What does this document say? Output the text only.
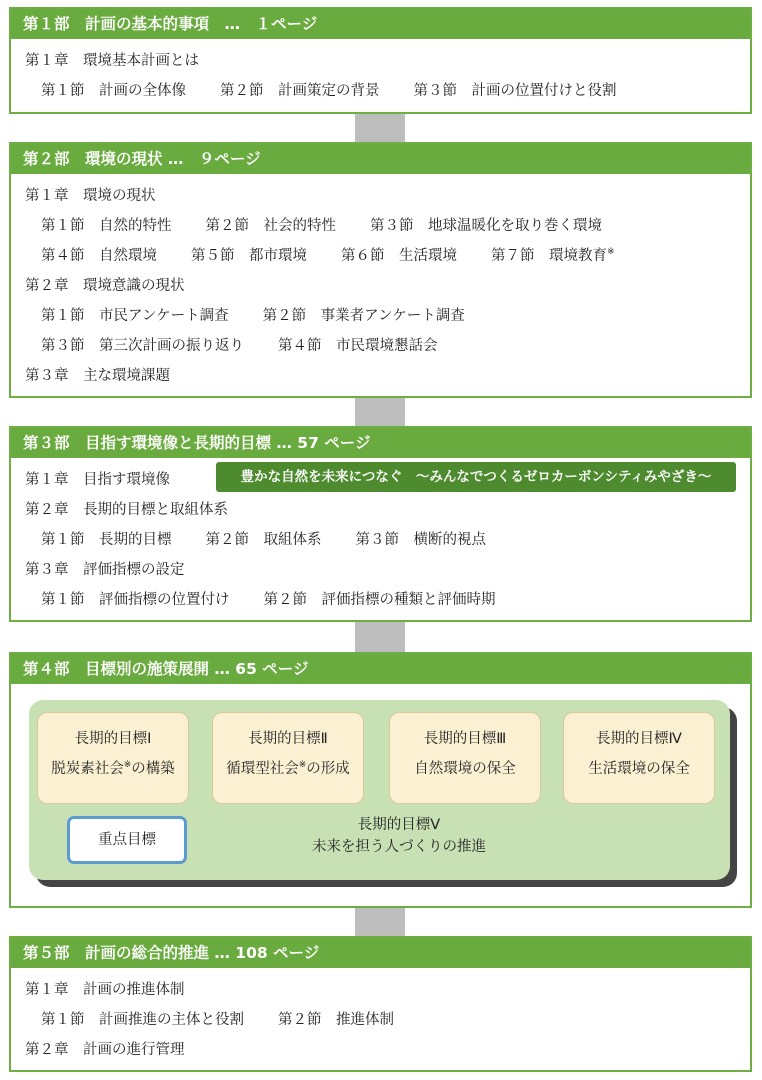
第１部　計画の基本的事項　…　１ページ
第１章　環境基本計画とは
第１節　計画の全体像 第２節　計画策定の背景 第３節　計画の位置付けと役割
第２部　環境の現状 …　９ページ
第１章　環境の現状
第１節　自然的特性 第２節　社会的特性 第３節　地球温暖化を取り巻く環境
第４節　自然環境 第５節　都市環境 第６節　生活環境 第７節　環境教育※
第２章　環境意識の現状
第１節　市民アンケート調査 第２節　事業者アンケート調査
第３節　第三次計画の振り返り 第４節　市民環境懇話会
第３章　主な環境課題
第３部　目指す環境像と長期的目標 … 57 ページ
第１章　目指す環境像	豊かな自然を未来につなぐ　～みんなでつくるゼロカーボンシティみやざき～
第２章　長期的目標と取組体系
第１節　長期的目標 第２節　取組体系 第３節　横断的視点
第３章　評価指標の設定
第１節　評価指標の位置付け 第２節　評価指標の種類と評価時期
第４部　目標別の施策展開 … 65 ページ
長期的目標Ⅰ
脱炭素社会※の構築
長期的目標Ⅱ
循環型社会※の形成
長期的目標Ⅲ
自然環境の保全
長期的目標Ⅳ
生活環境の保全
重点目標
長期的目標Ⅴ
未来を担う人づくりの推進
第５部　計画の総合的推進 … 108 ページ
第１章　計画の推進体制
第１節　計画推進の主体と役割 第２節　推進体制
第２章　計画の進行管理
